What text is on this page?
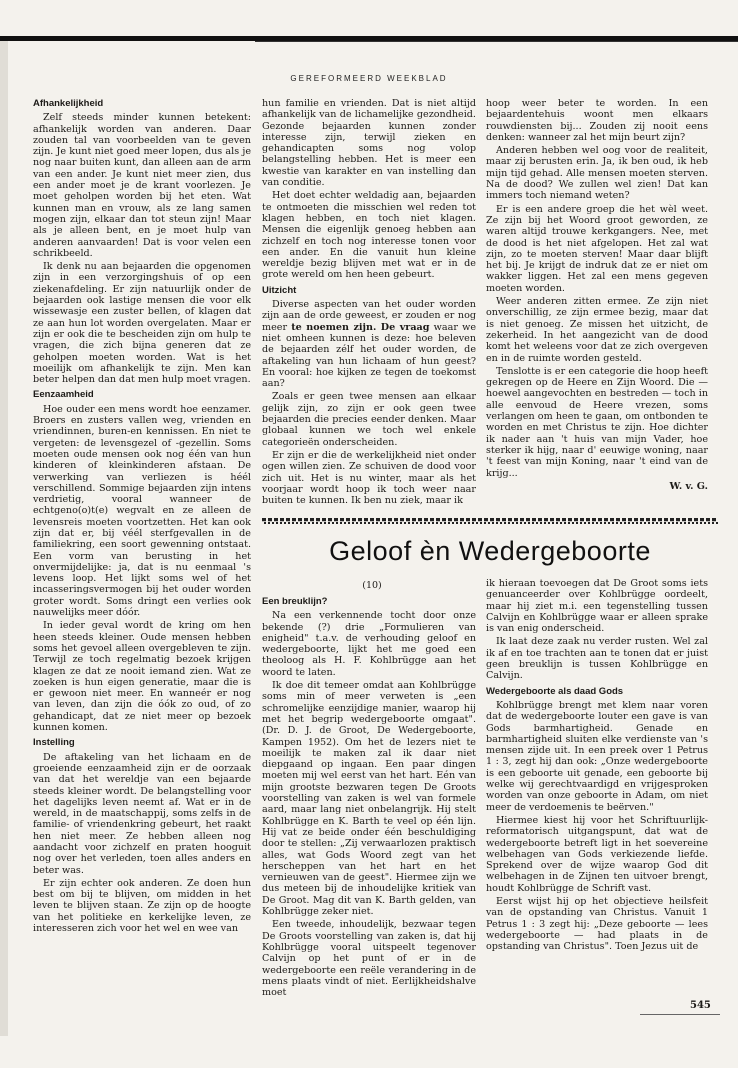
GEREFORMEERD WEEKBLAD
Afhankelijkheid

Zelf steeds minder kunnen betekent: afhankelijk worden van anderen. Daar zouden tal van voorbeelden van te geven zijn. Je kunt niet goed meer lopen, dus als je nog naar buiten kunt, dan alleen aan de arm van een ander. Je kunt niet meer zien, dus een ander moet je de krant voorlezen. Je moet geholpen worden bij het eten. Wat kunnen man en vrouw, als ze lang samen mogen zijn, elkaar dan tot steun zijn! Maar als je alleen bent, en je moet hulp van anderen aanvaarden! Dat is voor velen een schrikbeeld.

Ik denk nu aan bejaarden die opgenomen zijn in een verzorgingshuis of op een ziekenafdeling. Er zijn natuurlijk onder de bejaarden ook lastige mensen die voor elk wissewasje een zuster bellen, of klagen dat ze aan hun lot worden overgelaten. Maar er zijn er ook die te bescheiden zijn om hulp te vragen, die zich bijna generen dat ze geholpen moeten worden. Wat is het moeilijk om afhankelijk te zijn. Men kan beter helpen dan dat men hulp moet vragen.

Eenzaamheid

Hoe ouder een mens wordt hoe eenzamer. Broers en zusters vallen weg, vrienden en vriendinnen, buren-en kennissen. En niet te vergeten: de levensgezel of -gezellin. Soms moeten oude mensen ook nog één van hun kinderen of kleinkinderen afstaan. De verwerking van verliezen is héél verschillend. Sommige bejaarden zijn intens verdrietig, vooral wanneer de echtgeno(o)t(e) wegvalt en ze alleen de levensreis moeten voortzetten. Het kan ook zijn dat er, bij véél sterfgevallen in de familiekring, een soort gewenning ontstaat. Een vorm van berusting in het onvermijdelijke: ja, dat is nu eenmaal 's levens loop. Het lijkt soms wel of het incasseringsvermogen bij het ouder worden groter wordt. Soms dringt een verlies ook nauwelijks meer dóór.

In ieder geval wordt de kring om hen heen steeds kleiner. Oude mensen hebben soms het gevoel alleen overgebleven te zijn. Terwijl ze toch regelmatig bezoek krijgen klagen ze dat ze nooit iemand zien. Wat ze zoeken is hun eigen generatie, maar die is er gewoon niet meer. En wanneér er nog van leven, dan zijn die óók zo oud, of zo gehandicapt, dat ze niet meer op bezoek kunnen komen.

Instelling

De aftakeling van het lichaam en de groeiende eenzaamheid zijn er de oorzaak van dat het wereldje van een bejaarde steeds kleiner wordt. De belangstelling voor het dagelijks leven neemt af. Wat er in de wereld, in de maatschappij, soms zelfs in de familie- of vriendenkring gebeurt, het raakt hen niet meer. Ze hebben alleen nog aandacht voor zichzelf en praten hooguit nog over het verleden, toen alles anders en beter was.

Er zijn echter ook anderen. Ze doen hun best om bij te blijven, om midden in het leven te blijven staan. Ze zijn op de hoogte van het politieke en kerkelijke leven, ze interesseren zich voor het wel en wee van

hun familie en vrienden. Dat is niet altijd afhankelijk van de lichamelijke gezondheid. Gezonde bejaarden kunnen zonder interesse zijn, terwijl zieken en gehandicapten soms nog volop belangstelling hebben. Het is meer een kwestie van karakter en van instelling dan van conditie.

Het doet echter weldadig aan, bejaarden te ontmoeten die misschien wel reden tot klagen hebben, en toch niet klagen. Mensen die eigenlijk genoeg hebben aan zichzelf en toch nog interesse tonen voor een ander. En die vanuit hun kleine wereldje bezig blijven met wat er in de grote wereld om hen heen gebeurt.

Uitzicht

Diverse aspecten van het ouder worden zijn aan de orde geweest, er zouden er nog meer te noemen zijn. De vraag waar we niet omheen kunnen is deze: hoe beleven de bejaarden zélf het ouder worden, de aftakeling van hun lichaam of hun geest? En vooral: hoe kijken ze tegen de toekomst aan?

Zoals er geen twee mensen aan elkaar gelijk zijn, zo zijn er ook geen twee bejaarden die precies eender denken. Maar globaal kunnen we toch wel enkele categorieën onderscheiden.

Er zijn er die de werkelijkheid niet onder ogen willen zien. Ze schuiven de dood voor zich uit. Het is nu winter, maar als het voorjaar wordt hoop ik toch weer naar buiten te kunnen. Ik ben nu ziek, maar ik

hoop weer beter te worden. In een bejaardentehuis woont men elkaars rouwdiensten bij... Zouden zij nooit eens denken: wanneer zal het mijn beurt zijn?

Anderen hebben wel oog voor de realiteit, maar zij berusten erin. Ja, ik ben oud, ik heb mijn tijd gehad. Alle mensen moeten sterven. Na de dood? We zullen wel zien! Dat kan immers toch niemand weten?

Er is een andere groep die het wèl weet. Ze zijn bij het Woord groot geworden, ze waren altijd trouwe kerkgangers. Nee, met de dood is het niet afgelopen. Het zal wat zijn, zo te moeten sterven! Maar daar blijft het bij. Je krijgt de indruk dat ze er niet om wakker liggen. Het zal een mens gegeven moeten worden.

Weer anderen zitten ermee. Ze zijn niet onverschillig, ze zijn ermee bezig, maar dat is niet genoeg. Ze missen het uitzicht, de zekerheid. In het aangezicht van de dood komt het weleens voor dat ze zich overgeven en in de ruimte worden gesteld.

Tenslotte is er een categorie die hoop heeft gekregen op de Heere en Zijn Woord. Die — hoewel aangevochten en bestreden — toch in alle eenvoud de Heere vrezen, soms verlangen om heen te gaan, om ontbonden te worden en met Christus te zijn. Hoe dichter ik nader aan 't huis van mijn Vader, hoe sterker ik hijg, naar d' eeuwige woning, naar 't feest van mijn Koning, naar 't eind van de krijg...

W. v. G.
Geloof èn Wedergeboorte
(10)
Een breuklijn?

Na een verkennende tocht door onze bekende (?) drie „Formulieren van enigheid" t.a.v. de verhouding geloof en wedergeboorte, lijkt het me goed een theoloog als H. F. Kohlbrügge aan het woord te laten.

Ik doe dit temeer omdat aan Kohlbrügge soms min of meer verweten is „een schromelijke eenzijdige manier, waarop hij met het begrip wedergeboorte omgaat". (Dr. D. J. de Groot, De Wedergeboorte, Kampen 1952). Om het de lezers niet te moeilijk te maken zal ik daar niet diepgaand op ingaan. Een paar dingen moeten mij wel eerst van het hart. Eén van mijn grootste bezwaren tegen De Groots voorstelling van zaken is wel van formele aard, maar lang niet onbelangrijk. Hij stelt Kohlbrügge en K. Barth te veel op één lijn. Hij vat ze beide onder één beschuldiging door te stellen: „Zij verwaarlozen praktisch alles, wat Gods Woord zegt van het herscheppen van het hart en het vernieuwen van de geest". Hiermee zijn we dus meteen bij de inhoudelijke kritiek van De Groot. Mag dit van K. Barth gelden, van Kohlbrügge zeker niet.

Een tweede, inhoudelijk, bezwaar tegen De Groots voorstelling van zaken is, dat hij Kohlbrügge vooral uitspeelt tegenover Calvijn op het punt of er in de wedergeboorte een reële verandering in de mens plaats vindt of niet. Eerlijkheidshalve moet

ik hieraan toevoegen dat De Groot soms iets genuanceerder over Kohlbrügge oordeelt, maar hij ziet m.i. een tegenstelling tussen Calvijn en Kohlbrügge waar er alleen sprake is van enig onderscheid.

Ik laat deze zaak nu verder rusten. Wel zal ik af en toe trachten aan te tonen dat er juist geen breuklijn is tussen Kohlbrügge en Calvijn.

Wedergeboorte als daad Gods

Kohlbrügge brengt met klem naar voren dat de wedergeboorte louter een gave is van Gods barmhartigheid. Genade en barmhartigheid sluiten elke verdienste van 's mensen zijde uit. In een preek over 1 Petrus 1 : 3, zegt hij dan ook: „Onze wedergeboorte is een geboorte uit genade, een geboorte bij welke wij gerechtvaardigd en vrijgesproken worden van onze geboorte in Adam, om niet meer de verdoemenis te beërven."

Hiermee kiest hij voor het Schriftuurlijk-reformatorisch uitgangspunt, dat wat de wedergeboorte betreft ligt in het soevereine welbehagen van Gods verkiezende liefde. Sprekend over de wijze waarop God dit welbehagen in de Zijnen ten uitvoer brengt, houdt Kohlbrügge de Schrift vast.

Eerst wijst hij op het objectieve heilsfeit van de opstanding van Christus. Vanuit 1 Petrus 1 : 3 zegt hij: „Deze geboorte — lees wedergeboorte — had plaats in de opstanding van Christus". Toen Jezus uit de

545
